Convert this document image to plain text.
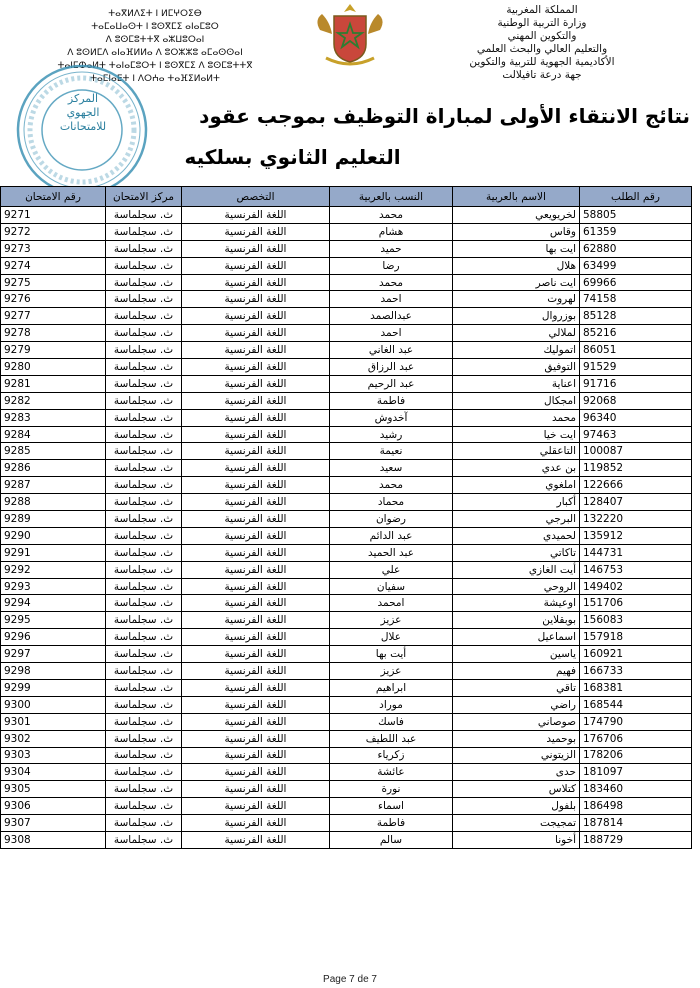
ⵜⴰⴳⵍⴷⵉⵜ ⵏ ⵍⵎⵖⵔⵉⴱ
ⵜⴰⵎⴰⵡⴰⵙⵜ ⵏ ⵓⵙⴳⵎⵉ ⴰⵏⴰⵎⵓⵔ
ⴷ ⵓⵙⵎⵓⵜⵜⴳ ⴰⵣⵡⵓⵔⴰⵏ
ⴷ ⵓⵙⵍⵎⴷ ⴰⵏⴰⴼⵍⵍⴰ ⴷ ⵓⵔⵣⵣⵓ ⴰⵎⴰⵙⵙⴰⵏ
ⵜⴰⵏⵎⵀⴰⵍⵜ ⵜⴰⵏⴰⵎⵓⵔⵜ ⵏ ⵓⵙⴳⵎⵉ ⴷ ⵓⵙⵎⵓⵜⵜⴳ
ⵜⴰⵎⵏⴰⴹⵜ ⵏ ⴷⵔⵄⴰ ⵜⴰⴼⵉⵍⴰⵍⵜ
المملكة المغربية
وزارة التربية الوطنية
والتكوين المهني
والتعليم العالي والبحث العلمي
الأكاديمية الجهوية للتربية والتكوين
جهة درعة تافيلالت
المركز
الجهوي
للامتحانات	نتائج الانتقاء الأولى لمباراة التوظيف بموجب عقود
التعليم الثانوي بسلكيه
رقم الامتحان	مركز الامتحان	التخصص	النسب بالعربية	الاسم بالعربية	رقم الطلب
9271	ث. سجلماسة	اللغة الفرنسية	محمد	لخريويعي	58805
9272	ث. سجلماسة	اللغة الفرنسية	هشام	وقاس	61359
9273	ث. سجلماسة	اللغة الفرنسية	حميد	ايت بها	62880
9274	ث. سجلماسة	اللغة الفرنسية	رضا	هلال	63499
9275	ث. سجلماسة	اللغة الفرنسية	محمد	ايت ناصر	69966
9276	ث. سجلماسة	اللغة الفرنسية	احمد	لهروت	74158
9277	ث. سجلماسة	اللغة الفرنسية	عبدالصمد	بوزروال	85128
9278	ث. سجلماسة	اللغة الفرنسية	احمد	لملالي	85216
9279	ث. سجلماسة	اللغة الفرنسية	عبد الغاني	اتموليك	86051
9280	ث. سجلماسة	اللغة الفرنسية	عبد الرزاق	التوفيق	91529
9281	ث. سجلماسة	اللغة الفرنسية	عبد الرحيم	اعناية	91716
9282	ث. سجلماسة	اللغة الفرنسية	فاطمة	امجكال	92068
9283	ث. سجلماسة	اللغة الفرنسية	آخدوش	محمد	96340
9284	ث. سجلماسة	اللغة الفرنسية	رشيد	ايت خيا	97463
9285	ث. سجلماسة	اللغة الفرنسية	نعيمة	التاعقلي	100087
9286	ث. سجلماسة	اللغة الفرنسية	سعيد	بن عدي	119852
9287	ث. سجلماسة	اللغة الفرنسية	محمد	املغوي	122666
9288	ث. سجلماسة	اللغة الفرنسية	محماد	أكبار	128407
9289	ث. سجلماسة	اللغة الفرنسية	رضوان	البرجي	132220
9290	ث. سجلماسة	اللغة الفرنسية	عبد الدائم	لحميدي	135912
9291	ث. سجلماسة	اللغة الفرنسية	عبد الحميد	تاكاتي	144731
9292	ث. سجلماسة	اللغة الفرنسية	علي	أيت الغازي	146753
9293	ث. سجلماسة	اللغة الفرنسية	سفيان	الروحي	149402
9294	ث. سجلماسة	اللغة الفرنسية	امحمد	اوعيشة	151706
9295	ث. سجلماسة	اللغة الفرنسية	عزيز	بوبقلاين	156083
9296	ث. سجلماسة	اللغة الفرنسية	علال	اسماعيل	157918
9297	ث. سجلماسة	اللغة الفرنسية	أيت بها	ياسين	160921
9298	ث. سجلماسة	اللغة الفرنسية	عزيز	فهيم	166733
9299	ث. سجلماسة	اللغة الفرنسية	ابراهيم	تاقي	168381
9300	ث. سجلماسة	اللغة الفرنسية	موراد	راضي	168544
9301	ث. سجلماسة	اللغة الفرنسية	فاسك	صوصاني	174790
9302	ث. سجلماسة	اللغة الفرنسية	عبد اللطيف	بوحميد	176706
9303	ث. سجلماسة	اللغة الفرنسية	زكرياء	الزيتوني	178206
9304	ث. سجلماسة	اللغة الفرنسية	عائشة	حدى	181097
9305	ث. سجلماسة	اللغة الفرنسية	نورة	كتلاس	183460
9306	ث. سجلماسة	اللغة الفرنسية	اسماء	بلفول	186498
9307	ث. سجلماسة	اللغة الفرنسية	فاطمة	تمجيجت	187814
9308	ث. سجلماسة	اللغة الفرنسية	سالم	أخونا	188729
Page 7 de 7
